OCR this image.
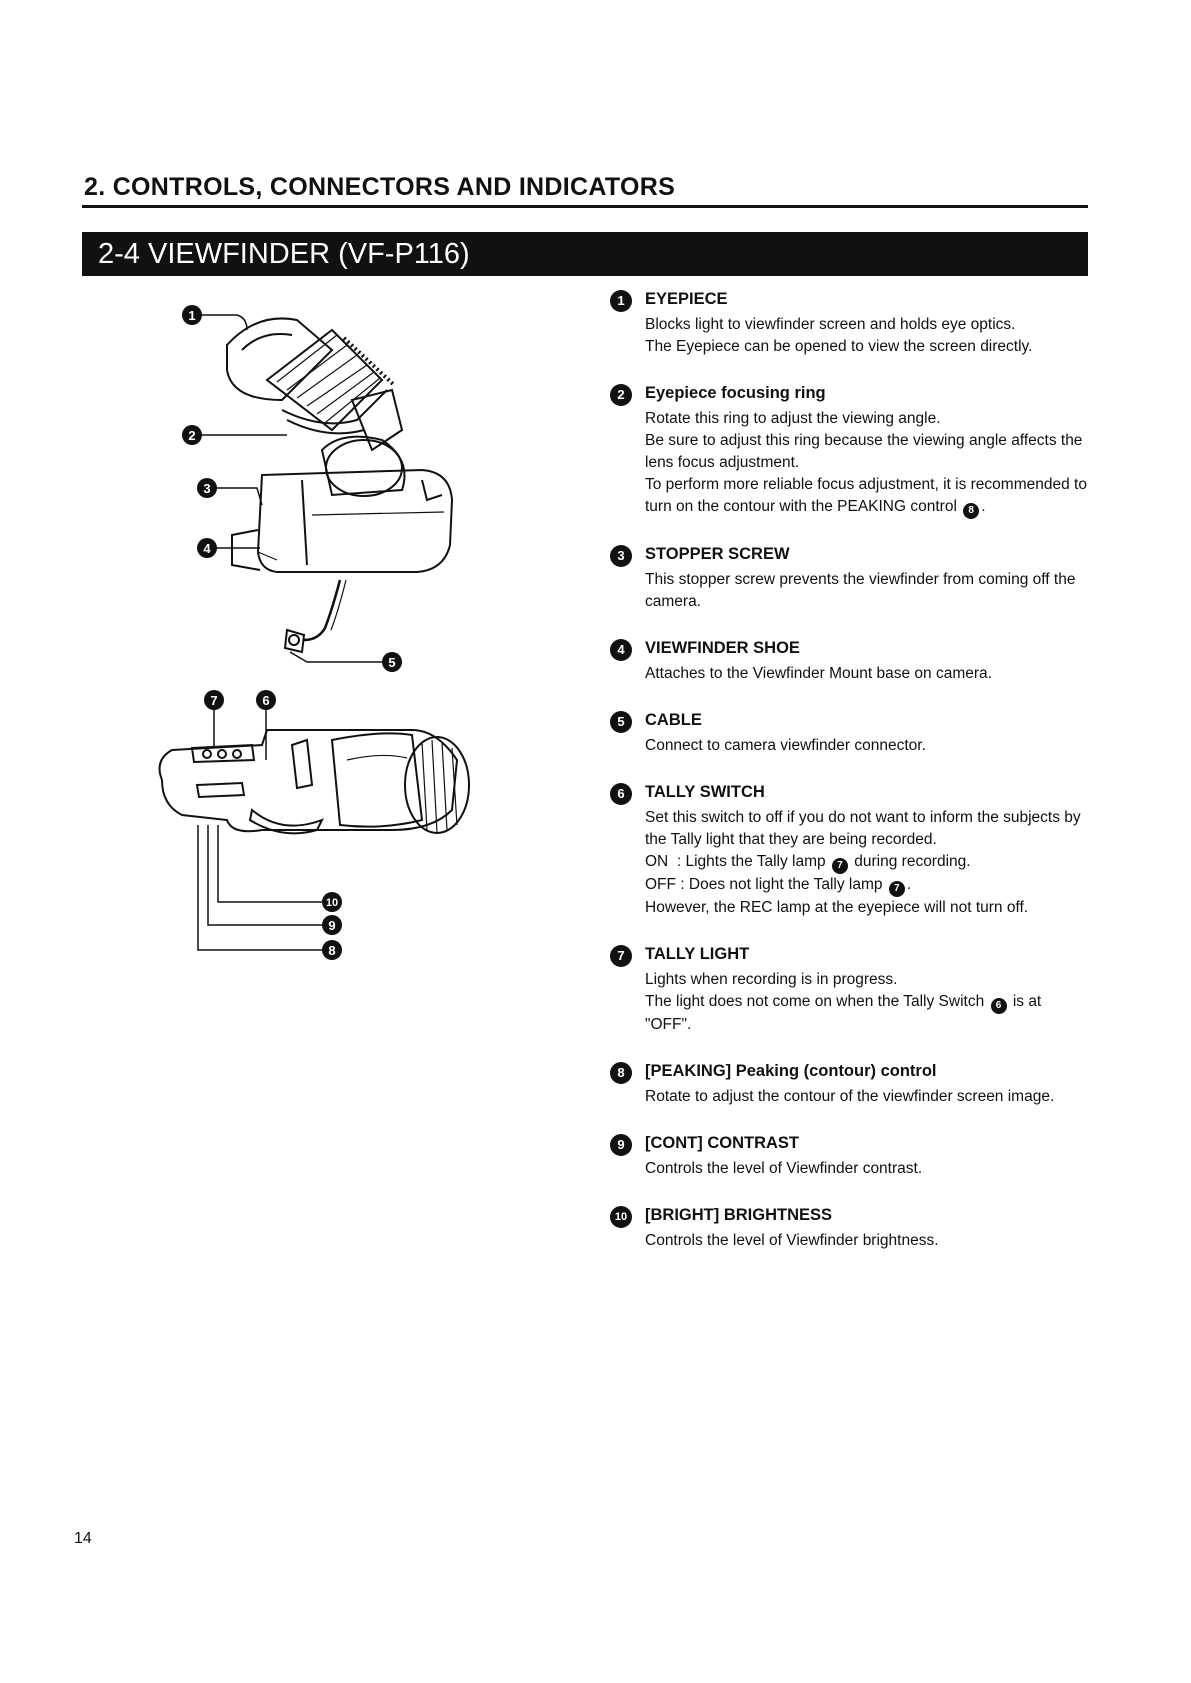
2. CONTROLS, CONNECTORS AND INDICATORS
2-4 VIEWFINDER (VF-P116)
1
2
3
4
5
7	6
10
9
8
1	EYEPIECE

Blocks light to viewfinder screen and holds eye optics.

The Eyepiece can be opened to view the screen directly.

2	Eyepiece focusing ring

Rotate this ring to adjust the viewing angle.

Be sure to adjust this ring because the viewing angle affects the lens focus adjustment.

To perform more reliable focus adjustment, it is recommended to turn on the contour with the PEAKING control 8 .

3	STOPPER SCREW

This stopper screw prevents the viewfinder from coming off the camera.

4	VIEWFINDER SHOE

Attaches to the Viewfinder Mount base on camera.

5	CABLE

Connect to camera viewfinder connector.

6	TALLY SWITCH

Set this switch to off if you do not want to inform the subjects by the Tally light that they are being recorded.

ON : Lights the Tally lamp 7 during recording.

OFF : Does not light the Tally lamp 7 .

However, the REC lamp at the eyepiece will not turn off.

7	TALLY LIGHT

Lights when recording is in progress.

The light does not come on when the Tally Switch 6 is at "OFF".

8	[PEAKING] Peaking (contour) control

Rotate to adjust the contour of the viewfinder screen image.

9	[CONT] CONTRAST

Controls the level of Viewfinder contrast.

10 [BRIGHT] BRIGHTNESS

Controls the level of Viewfinder brightness.

14
